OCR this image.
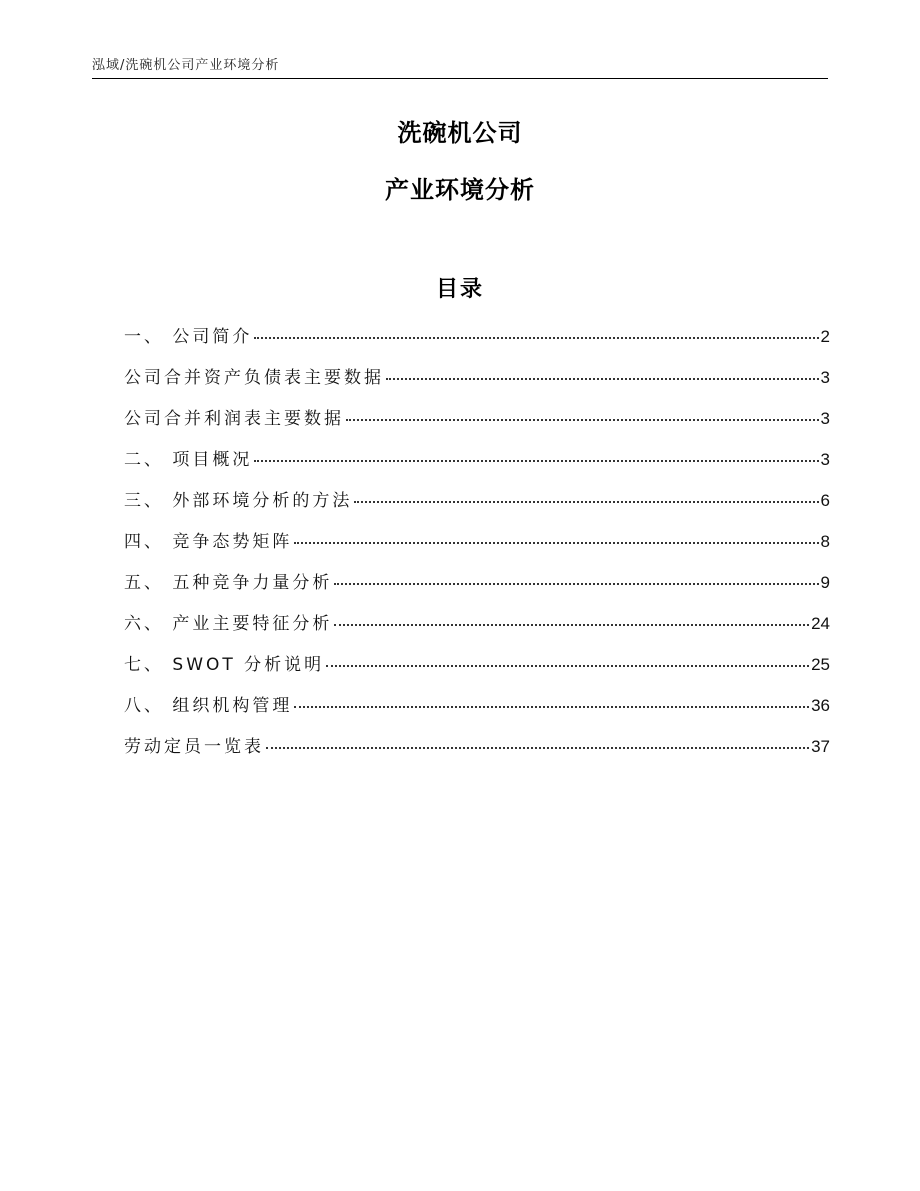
泓域/洗碗机公司产业环境分析
洗碗机公司
产业环境分析
目录
一、 公司简介	2
公司合并资产负债表主要数据	3
公司合并利润表主要数据	3
二、 项目概况	3
三、 外部环境分析的方法	6
四、 竞争态势矩阵	8
五、 五种竞争力量分析	9
六、 产业主要特征分析	24
七、 SWOT 分析说明	25
八、 组织机构管理	36
劳动定员一览表	37
